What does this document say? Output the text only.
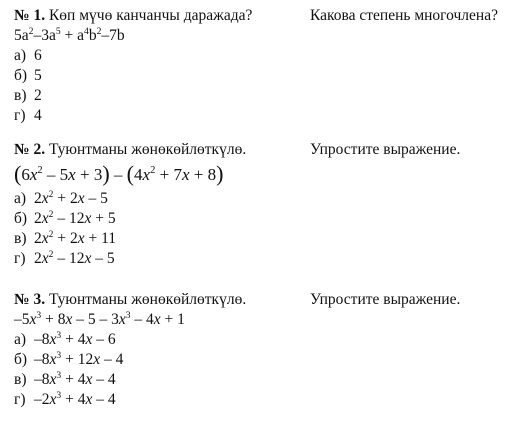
№ 1. Көп мүчө канчанчы даражада?	Какова степень многочлена?
$5a^2-3a^5 + a^4b^2-7b$
а) 6
б) 5
в) 2
г) 4
№ 2. Туюнтманы жөнөкөйлөткүлө.	Упростите выражение.
$(6x^2 - 5x + 3) - (4x^2 + 7x + 8)$
а) $2x^2 + 2x - 5$
б) $2x^2 - 12x + 5$
в) $2x^2 + 2x + 11$
г) $2x^2 - 12x - 5$
№ 3. Туюнтманы жөнөкөйлөткүлө.	Упростите выражение.
$-5x^3 + 8x - 5 - 3x^3 - 4x + 1$
а) $-8x^3 + 4x - 6$
б) $-8x^3 + 12x - 4$
в) $-8x^3 + 4x - 4$
г) $-2x^3 + 4x - 4$
